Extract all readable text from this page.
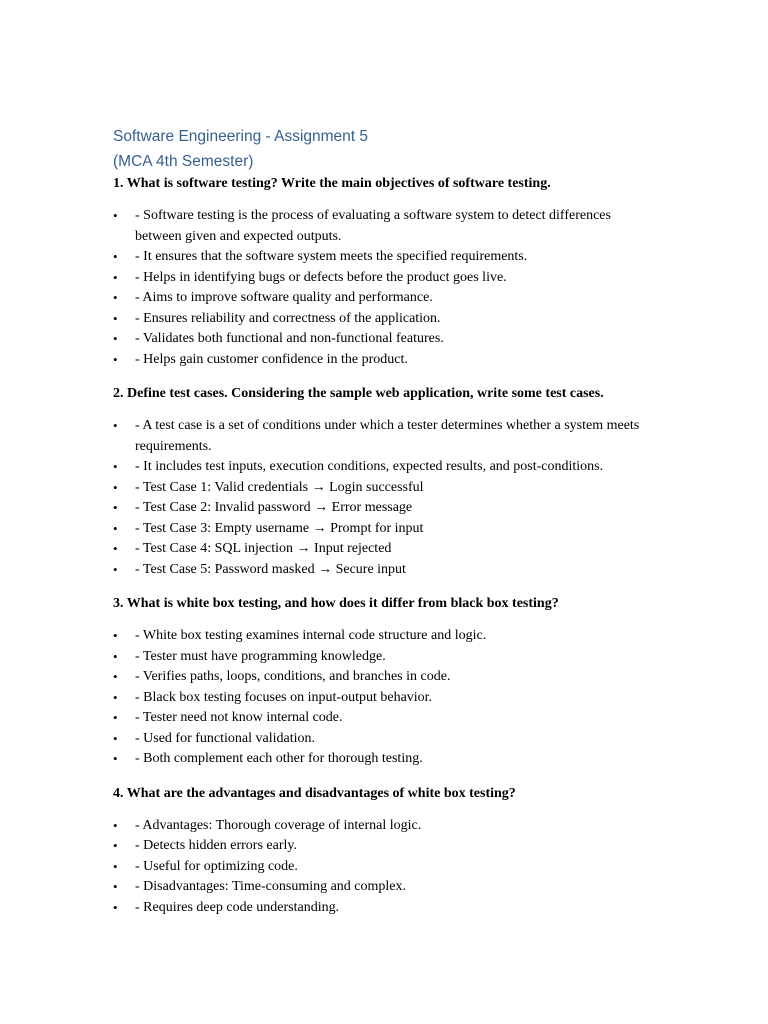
Software Engineering - Assignment 5
(MCA 4th Semester)

1. What is software testing? Write the main objectives of software testing.

• - Software testing is the process of evaluating a software system to detect differences between given and expected outputs.
• - It ensures that the software system meets the specified requirements.
• - Helps in identifying bugs or defects before the product goes live.
• - Aims to improve software quality and performance.
• - Ensures reliability and correctness of the application.
• - Validates both functional and non-functional features.
• - Helps gain customer confidence in the product.

2. Define test cases. Considering the sample web application, write some test cases.

• - A test case is a set of conditions under which a tester determines whether a system meets requirements.
• - It includes test inputs, execution conditions, expected results, and post-conditions.
• - Test Case 1: Valid credentials → Login successful
• - Test Case 2: Invalid password → Error message
• - Test Case 3: Empty username → Prompt for input
• - Test Case 4: SQL injection → Input rejected
• - Test Case 5: Password masked → Secure input

3. What is white box testing, and how does it differ from black box testing?

• - White box testing examines internal code structure and logic.
• - Tester must have programming knowledge.
• - Verifies paths, loops, conditions, and branches in code.
• - Black box testing focuses on input-output behavior.
• - Tester need not know internal code.
• - Used for functional validation.
• - Both complement each other for thorough testing.

4. What are the advantages and disadvantages of white box testing?

• - Advantages: Thorough coverage of internal logic.
• - Detects hidden errors early.
• - Useful for optimizing code.
• - Disadvantages: Time-consuming and complex.
• - Requires deep code understanding.
